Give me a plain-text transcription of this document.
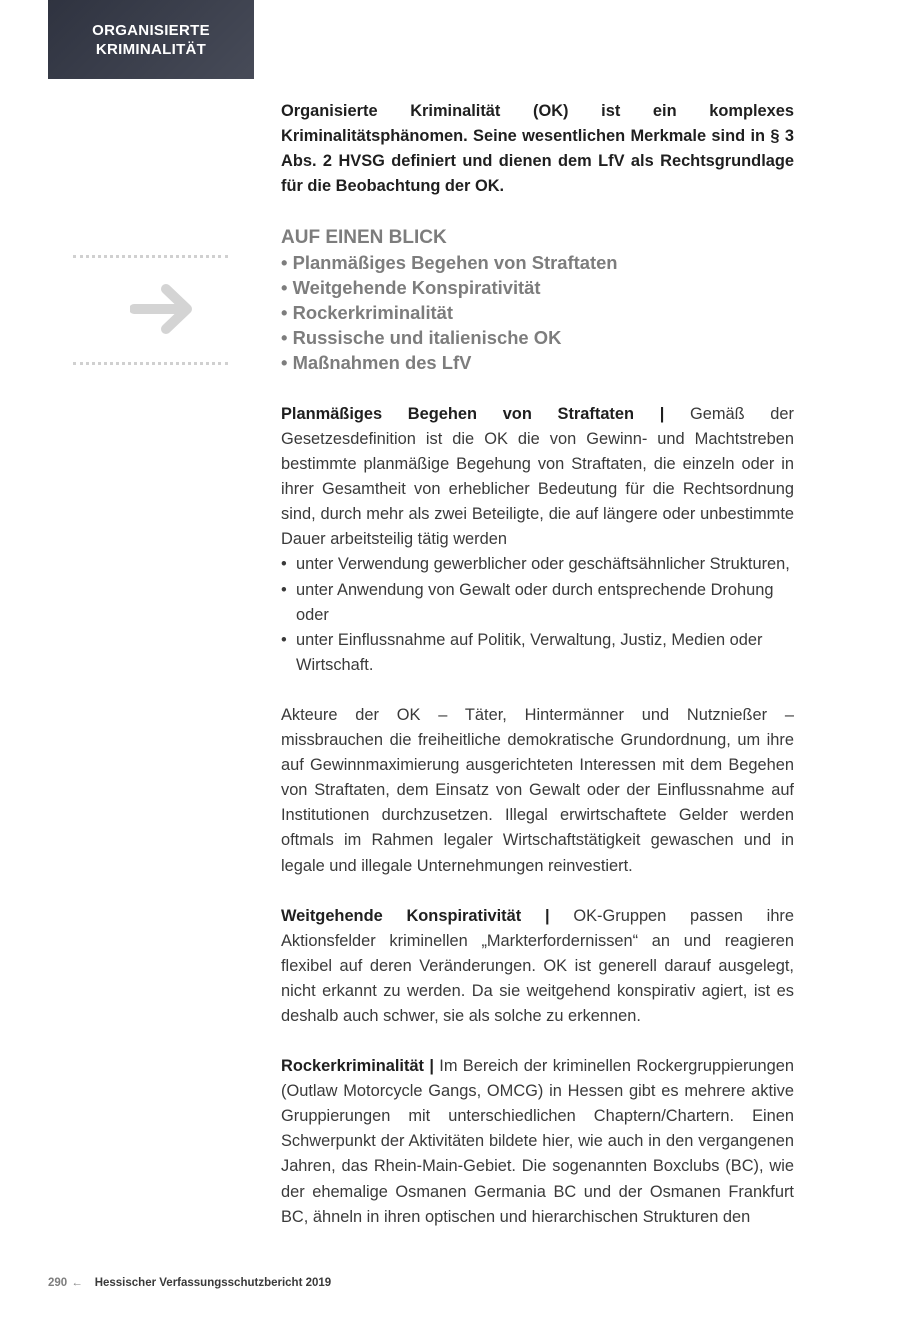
ORGANISIERTE
KRIMINALITÄT

Organisierte Kriminalität (OK) ist ein komplexes Kriminalitätsphänomen. Seine wesentlichen Merkmale sind in § 3 Abs. 2 HVSG definiert und dienen dem LfV als Rechtsgrundlage für die Beobachtung der OK.

AUF EINEN BLICK
• Planmäßiges Begehen von Straftaten
• Weitgehende Konspirativität
• Rockerkriminalität
• Russische und italienische OK
• Maßnahmen des LfV

Planmäßiges Begehen von Straftaten | Gemäß der Gesetzesdefinition ist die OK die von Gewinn- und Machtstreben bestimmte planmäßige Begehung von Straftaten, die einzeln oder in ihrer Gesamtheit von erheblicher Bedeutung für die Rechtsordnung sind, durch mehr als zwei Beteiligte, die auf längere oder unbestimmte Dauer arbeitsteilig tätig werden

• unter Verwendung gewerblicher oder geschäftsähnlicher Strukturen,
• unter Anwendung von Gewalt oder durch entsprechende Drohung oder
• unter Einflussnahme auf Politik, Verwaltung, Justiz, Medien oder Wirtschaft.

Akteure der OK – Täter, Hintermänner und Nutznießer – missbrauchen die freiheitliche demokratische Grundordnung, um ihre auf Gewinnmaximierung ausgerichteten Interessen mit dem Begehen von Straftaten, dem Einsatz von Gewalt oder der Einflussnahme auf Institutionen durchzusetzen. Illegal erwirtschaftete Gelder werden oftmals im Rahmen legaler Wirtschaftstätigkeit gewaschen und in legale und illegale Unternehmungen reinvestiert.

Weitgehende Konspirativität | OK-Gruppen passen ihre Aktionsfelder kriminellen „Markterfordernissen“ an und reagieren flexibel auf deren Veränderungen. OK ist generell darauf ausgelegt, nicht erkannt zu werden. Da sie weitgehend konspirativ agiert, ist es deshalb auch schwer, sie als solche zu erkennen.

Rockerkriminalität | Im Bereich der kriminellen Rockergruppierungen (Outlaw Motorcycle Gangs, OMCG) in Hessen gibt es mehrere aktive Gruppierungen mit unterschiedlichen Chaptern/Chartern. Einen Schwerpunkt der Aktivitäten bildete hier, wie auch in den vergangenen Jahren, das Rhein-Main-Gebiet. Die sogenannten Boxclubs (BC), wie der ehemalige Osmanen Germania BC und der Osmanen Frankfurt BC, ähneln in ihren optischen und hierarchischen Strukturen den

290 ← Hessischer Verfassungsschutzbericht 2019
